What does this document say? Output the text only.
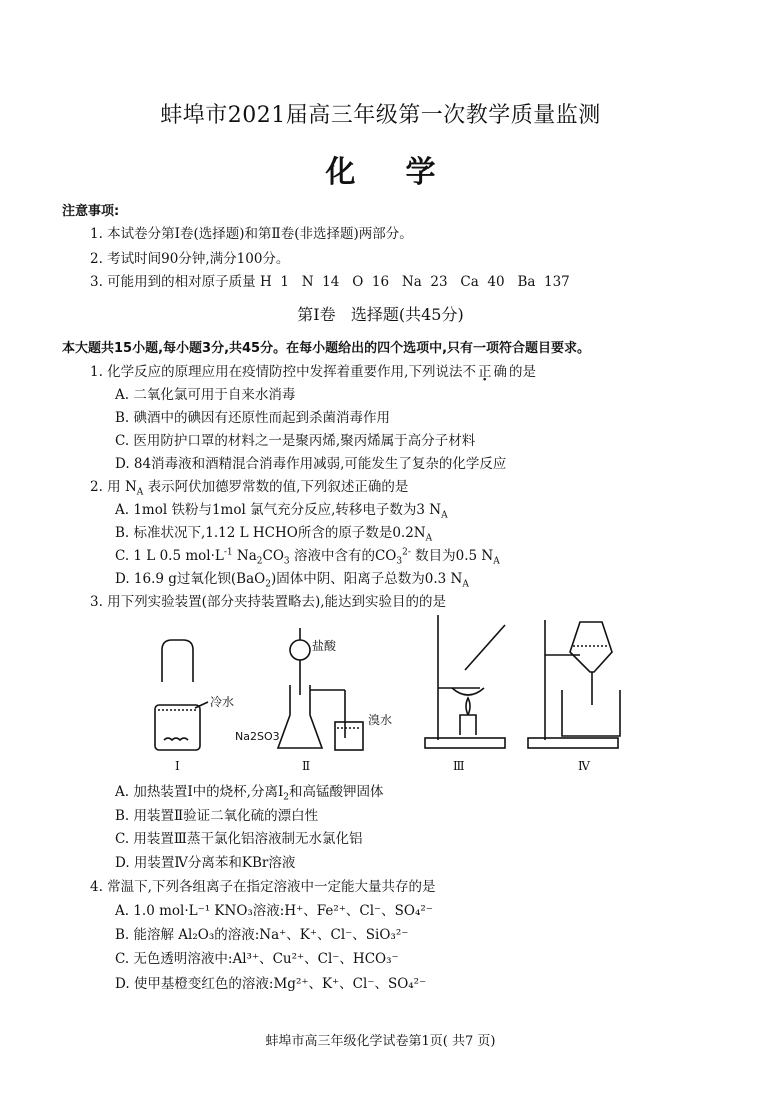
蚌埠市2021届高三年级第一次教学质量监测
化学
注意事项:
1. 本试卷分第Ⅰ卷(选择题)和第Ⅱ卷(非选择题)两部分。
2. 考试时间90分钟,满分100分。
3. 可能用到的相对原子质量 H  1   N  14   O  16   Na  23   Ca  40   Ba  137
第Ⅰ卷   选择题(共45分)
本大题共15小题,每小题3分,共45分。在每小题给出的四个选项中,只有一项符合题目要求。
1. 化学反应的原理应用在疫情防控中发挥着重要作用,下列说法不正确的是
A. 二氧化氯可用于自来水消毒
B. 碘酒中的碘因有还原性而起到杀菌消毒作用
C. 医用防护口罩的材料之一是聚丙烯,聚丙烯属于高分子材料
D. 84消毒液和酒精混合消毒作用减弱,可能发生了复杂的化学反应
2. 用 $N_A$ 表示阿伏加德罗常数的值,下列叙述正确的是
A. 1mol 铁粉与1mol 氯气充分反应,转移电子数为3 $N_A$
B. 标准状况下,1.12 L HCHO所含的原子数是$0.2N_A$
C. 1 L 0.5 $mol\cdot L^{-1}$ $Na_2CO_3$ 溶液中含有的$CO_3^{2-}$ 数目为0.5 $N_A$
D. 16.9 g过氧化钡(BaO$_2$)固体中阴、阳离子总数为0.3 $N_A$
3. 用下列实验装置(部分夹持装置略去),能达到实验目的的是
冷水
Ⅰ
盐酸
Na2SO3
溴水
Ⅱ	Ⅲ	Ⅳ
A. 加热装置Ⅰ中的烧杯,分离$I_2$和高锰酸钾固体
B. 用装置Ⅱ验证二氧化硫的漂白性
C. 用装置Ⅲ蒸干氯化铝溶液制无水氯化铝
D. 用装置Ⅳ分离苯和KBr溶液
4. 常温下,下列各组离子在指定溶液中一定能大量共存的是
A. 1.0 mol·L⁻¹ KNO₃溶液:H⁺、Fe²⁺、Cl⁻、SO₄²⁻
B. 能溶解 Al₂O₃的溶液:Na⁺、K⁺、Cl⁻、SiO₃²⁻
C. 无色透明溶液中:Al³⁺、Cu²⁺、Cl⁻、HCO₃⁻
D. 使甲基橙变红色的溶液:Mg²⁺、K⁺、Cl⁻、SO₄²⁻
蚌埠市高三年级化学试卷第1页( 共7 页)
